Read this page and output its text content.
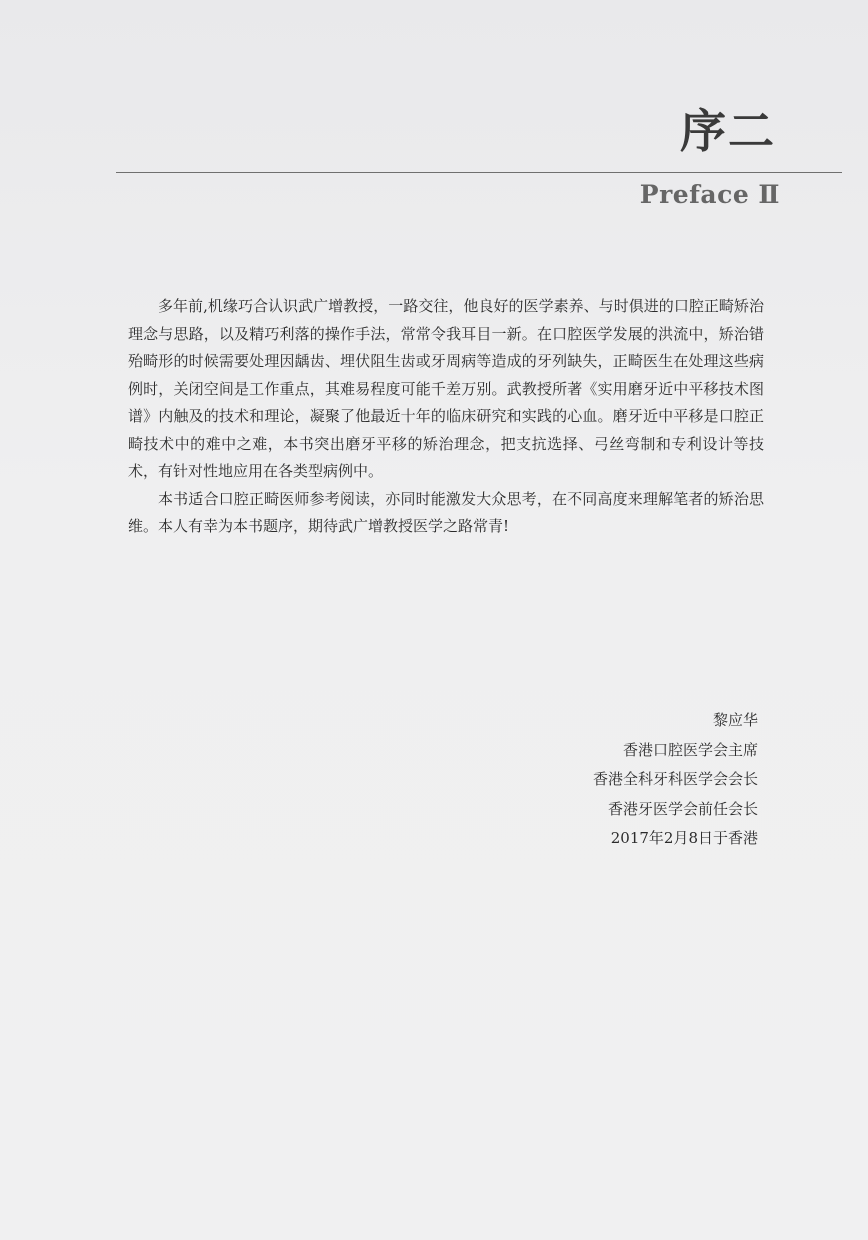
序二
Preface Ⅱ

多年前,机缘巧合认识武广增教授，一路交往，他良好的医学素养、与时俱进的口腔正畸矫治理念与思路，以及精巧利落的操作手法，常常令我耳目一新。在口腔医学发展的洪流中，矫治错殆畸形的时候需要处理因龋齿、埋伏阻生齿或牙周病等造成的牙列缺失，正畸医生在处理这些病例时，关闭空间是工作重点，其难易程度可能千差万别。武教授所著《实用磨牙近中平移技术图谱》内触及的技术和理论，凝聚了他最近十年的临床研究和实践的心血。磨牙近中平移是口腔正畸技术中的难中之难，本书突出磨牙平移的矫治理念，把支抗选择、弓丝弯制和专利设计等技术，有针对性地应用在各类型病例中。

本书适合口腔正畸医师参考阅读，亦同时能激发大众思考，在不同高度来理解笔者的矫治思维。本人有幸为本书题序，期待武广增教授医学之路常青!

黎应华
香港口腔医学会主席
香港全科牙科医学会会长
香港牙医学会前任会长
2017年2月8日于香港
